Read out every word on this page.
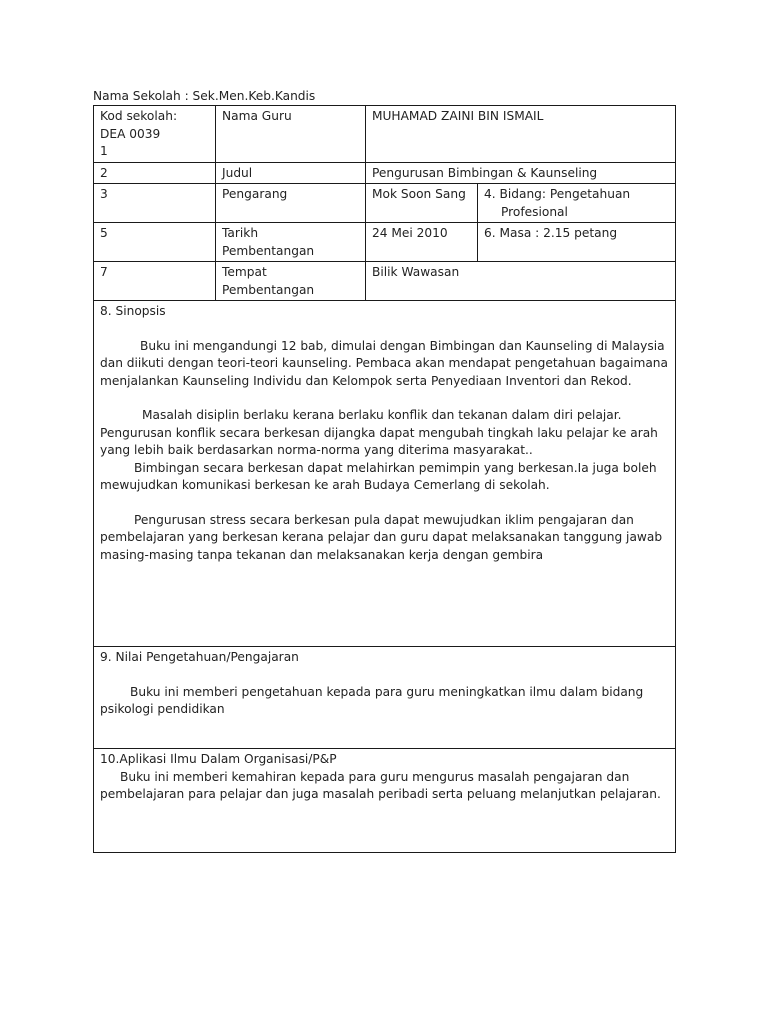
Nama Sekolah : Sek.Men.Keb.Kandis
Kod sekolah:
DEA 0039
1	Nama Guru	MUHAMAD ZAINI BIN ISMAIL	
2	Judul	Pengurusan Bimbingan & Kaunseling	
3	Pengarang	Mok Soon Sang	4. Bidang: Pengetahuan
Profesional

5	Tarikh
Pembentangan	24 Mei 2010	6. Masa : 2.15 petang
7	Tempat
Pembentangan	Bilik Wawasan	

8. Sinopsis

Buku ini mengandungi 12 bab, dimulai dengan Bimbingan dan Kaunseling di Malaysia dan diikuti dengan teori-teori kaunseling. Pembaca akan mendapat pengetahuan bagaimana menjalankan Kaunseling Individu dan Kelompok serta Penyediaan Inventori dan Rekod.

Masalah disiplin berlaku kerana berlaku konflik dan tekanan dalam diri pelajar. Pengurusan konflik secara berkesan dijangka dapat mengubah tingkah laku pelajar ke arah yang lebih baik berdasarkan norma-norma yang diterima masyarakat..

Bimbingan secara berkesan dapat melahirkan pemimpin yang berkesan.Ia juga boleh mewujudkan komunikasi berkesan ke arah Budaya Cemerlang di sekolah.

Pengurusan stress secara berkesan pula dapat mewujudkan iklim pengajaran dan pembelajaran yang berkesan kerana pelajar dan guru dapat melaksanakan tanggung jawab masing-masing tanpa tekanan dan melaksanakan kerja dengan gembira			

9. Nilai Pengetahuan/Pengajaran

Buku ini memberi pengetahuan kepada para guru meningkatkan ilmu dalam bidang psikologi pendidikan			

10.Aplikasi Ilmu Dalam Organisasi/P&P

Buku ini memberi kemahiran kepada para guru mengurus masalah pengajaran dan pembelajaran para pelajar dan juga masalah peribadi serta peluang melanjutkan pelajaran.			
